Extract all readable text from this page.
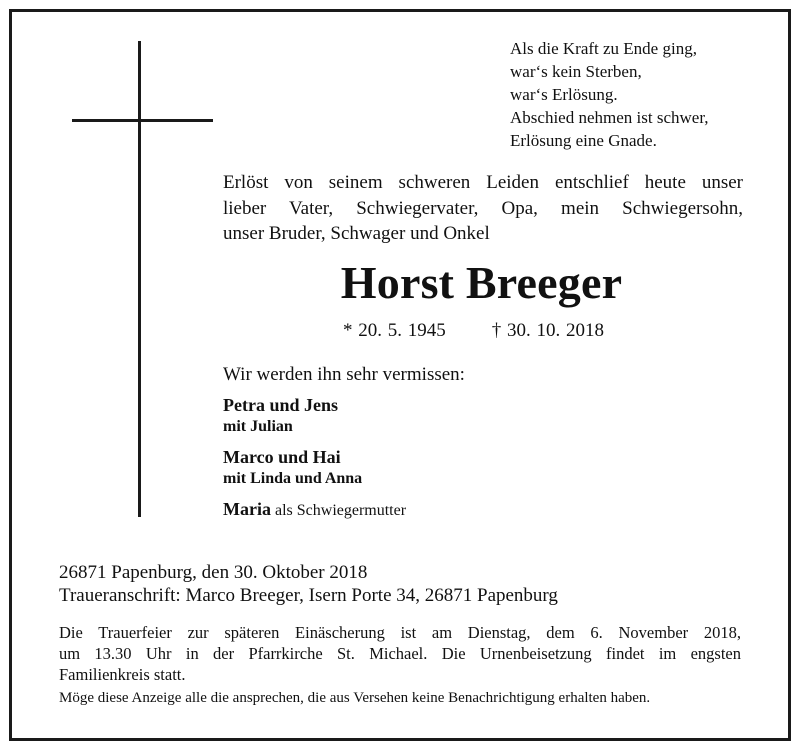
Als die Kraft zu Ende ging,
war‘s kein Sterben,
war‘s Erlösung.
Abschied nehmen ist schwer,
Erlösung eine Gnade.
Erlöst von seinem schweren Leiden entschlief heute unser
lieber Vater, Schwiegervater, Opa, mein Schwiegersohn,
unser Bruder, Schwager und Onkel
Horst Breeger
* 20. 5. 1945 † 30. 10. 2018
Wir werden ihn sehr vermissen:
Petra und Jens
mit Julian
Marco und Hai
mit Linda und Anna
Maria als Schwiegermutter
26871 Papenburg, den 30. Oktober 2018
Traueranschrift: Marco Breeger, Isern Porte 34, 26871 Papenburg
Die Trauerfeier zur späteren Einäscherung ist am Dienstag, dem 6. November 2018,
um 13.30 Uhr in der Pfarrkirche St. Michael. Die Urnenbeisetzung findet im engsten
Familienkreis statt.
Möge diese Anzeige alle die ansprechen, die aus Versehen keine Benachrichtigung erhalten haben.
